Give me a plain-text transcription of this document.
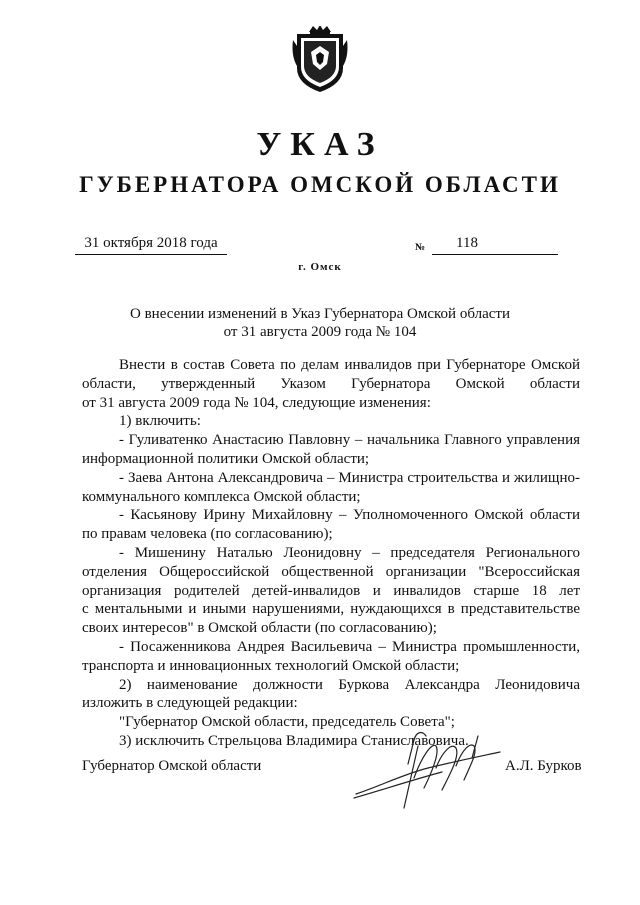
УКАЗ
ГУБЕРНАТОРА ОМСКОЙ ОБЛАСТИ
31 октября 2018 года	№	118
г. Омск
О внесении изменений в Указ Губернатора Омской области
от 31 августа 2009 года № 104

Внести в состав Совета по делам инвалидов при Губернаторе Омской

области, утвержденный Указом Губернатора Омской области

от 31 августа 2009 года № 104, следующие изменения:

1) включить:

- Гуливатенко Анастасию Павловну – начальника Главного управления

информационной политики Омской области;

- Заева Антона Александровича – Министра строительства и жилищно-

коммунального комплекса Омской области;

- Касьянову Ирину Михайловну – Уполномоченного Омской области

по правам человека (по согласованию);

- Мишенину Наталью Леонидовну – председателя Регионального

отделения Общероссийской общественной организации "Всероссийская

организация родителей детей-инвалидов и инвалидов старше 18 лет

с ментальными и иными нарушениями, нуждающихся в представительстве

своих интересов" в Омской области (по согласованию);

- Посаженникова Андрея Васильевича – Министра промышленности,

транспорта и инновационных технологий Омской области;

2) наименование должности Буркова Александра Леонидовича

изложить в следующей редакции:

"Губернатор Омской области, председатель Совета";

3) исключить Стрельцова Владимира Станиславовича.

Губернатор Омской области	А.Л. Бурков
